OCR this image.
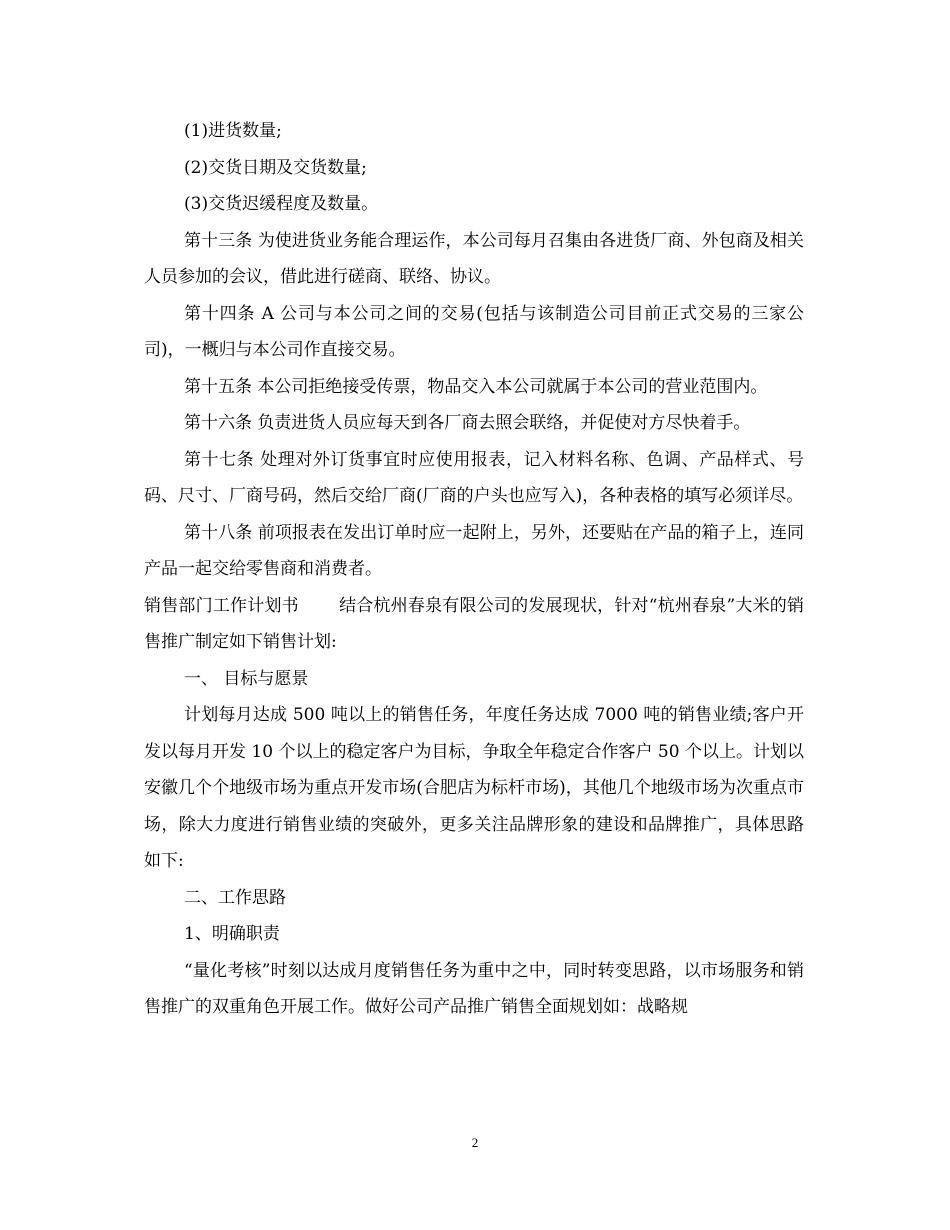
(1)进货数量;

(2)交货日期及交货数量;

(3)交货迟缓程度及数量。

第十三条 为使进货业务能合理运作，本公司每月召集由各进货厂商、外包商及相关人员参加的会议，借此进行磋商、联络、协议。

第十四条 A 公司与本公司之间的交易(包括与该制造公司目前正式交易的三家公司)，一概归与本公司作直接交易。

第十五条 本公司拒绝接受传票，物品交入本公司就属于本公司的营业范围内。

第十六条 负责进货人员应每天到各厂商去照会联络，并促使对方尽快着手。

第十七条 处理对外订货事宜时应使用报表，记入材料名称、色调、产品样式、号码、尺寸、厂商号码，然后交给厂商(厂商的户头也应写入)，各种表格的填写必须详尽。

第十八条 前项报表在发出订单时应一起附上，另外，还要贴在产品的箱子上，连同产品一起交给零售商和消费者。

销售部门工作计划书 结合杭州春泉有限公司的发展现状，针对“杭州春泉”大米的销售推广制定如下销售计划:

一、 目标与愿景

计划每月达成 500 吨以上的销售任务，年度任务达成 7000 吨的销售业绩;客户开发以每月开发 10 个以上的稳定客户为目标，争取全年稳定合作客户 50 个以上。计划以安徽几个个地级市场为重点开发市场(合肥店为标杆市场)，其他几个地级市场为次重点市场，除大力度进行销售业绩的突破外，更多关注品牌形象的建设和品牌推广，具体思路如下:

二、工作思路

1、明确职责

“量化考核”时刻以达成月度销售任务为重中之中，同时转变思路，以市场服务和销售推广的双重角色开展工作。做好公司产品推广销售全面规划如：战略规

2
